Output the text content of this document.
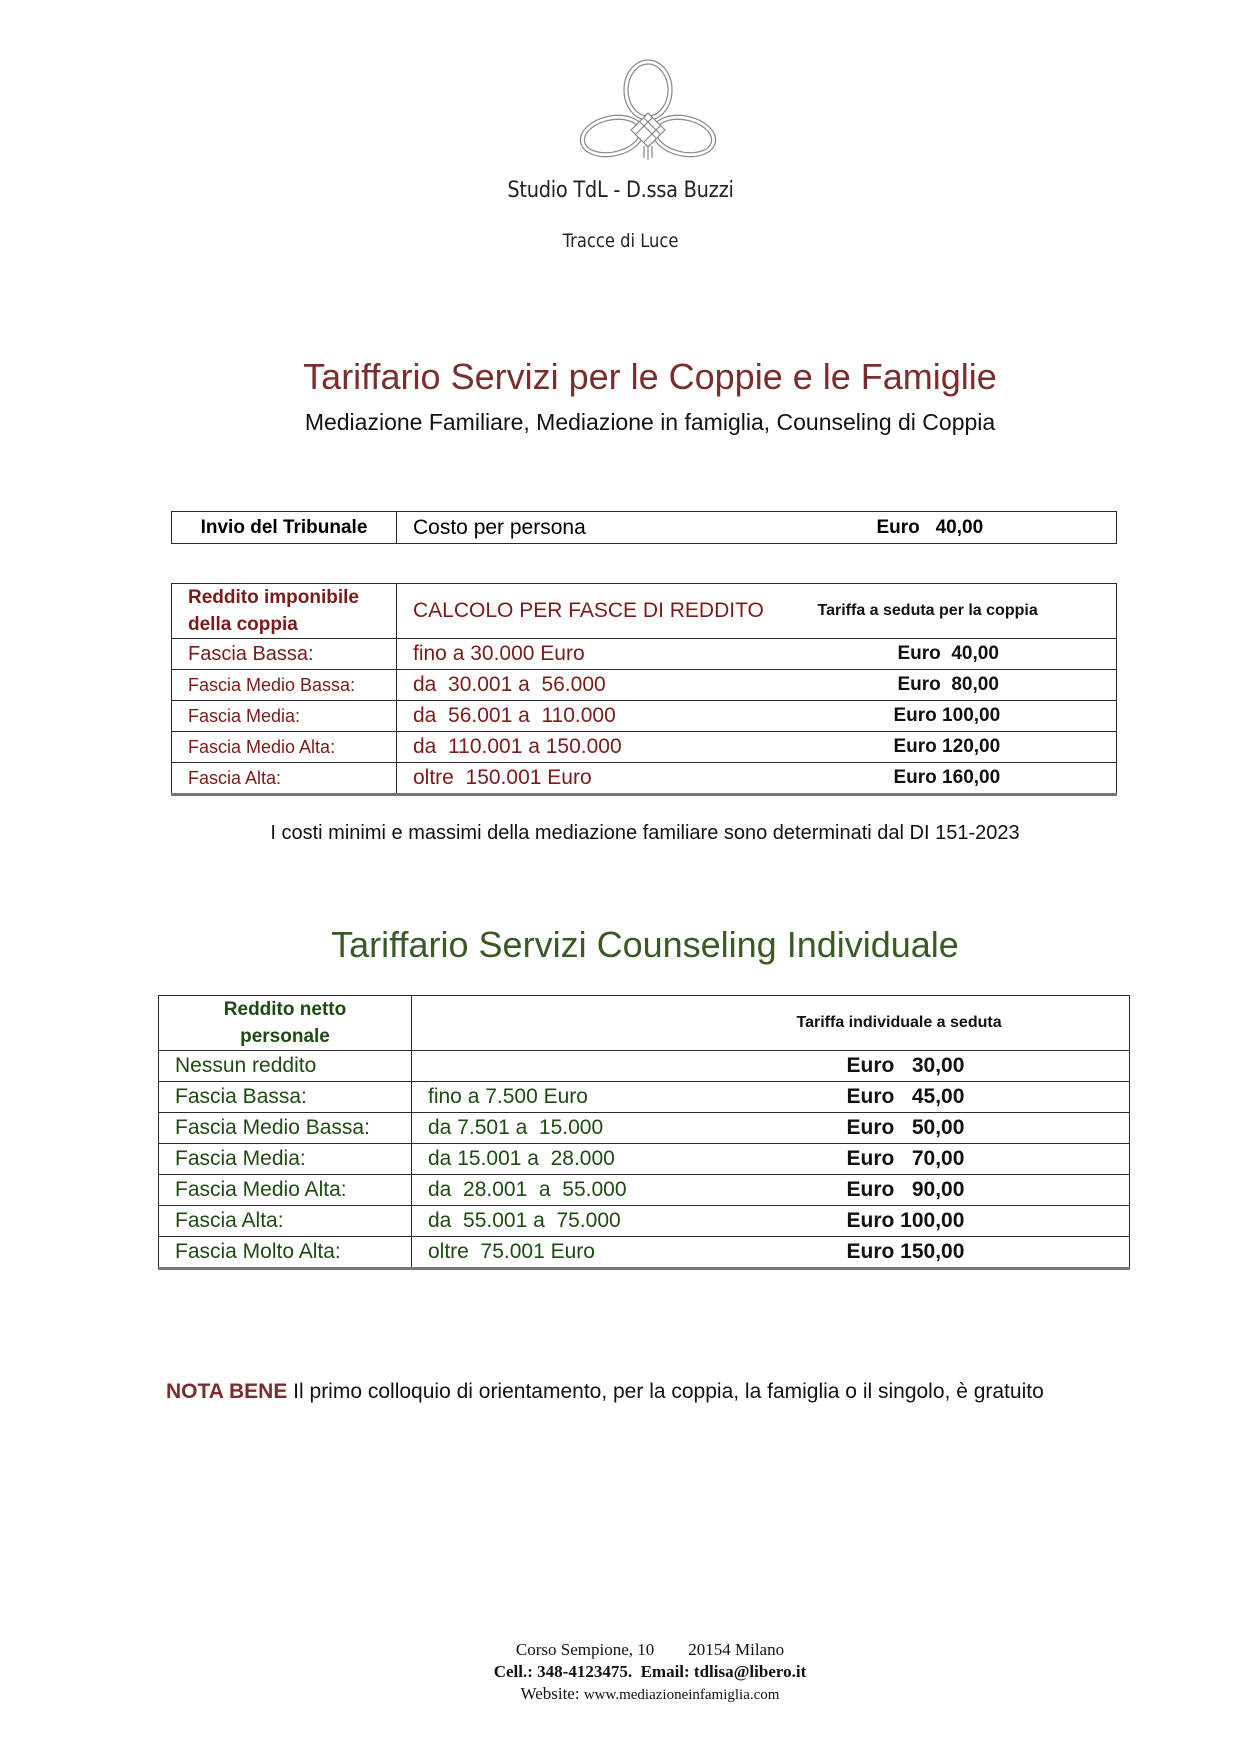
Studio TdL - D.ssa Buzzi
Tracce di Luce
Tariffario Servizi per le Coppie e le Famiglie
Mediazione Familiare, Mediazione in famiglia, Counseling di Coppia
Invio del Tribunale	Costo per persona	Euro   40,00
Reddito imponibile
della coppia	CALCOLO PER FASCE DI REDDITO	Tariffa a seduta per la coppia
Fascia Bassa:	fino a 30.000 Euro	Euro  40,00
Fascia Medio Bassa:	da  30.001 a  56.000	Euro  80,00
Fascia Media:	da  56.001 a  110.000	Euro 100,00
Fascia Medio Alta:	da  110.001 a 150.000	Euro 120,00
Fascia Alta:	oltre  150.001 Euro	Euro 160,00
I costi minimi e massimi della mediazione familiare sono determinati dal DI 151-2023
Tariffario Servizi Counseling Individuale
Reddito netto
personale		Tariffa individuale a seduta
Nessun reddito		Euro   30,00
Fascia Bassa:	fino a 7.500 Euro	Euro   45,00
Fascia Medio Bassa:	da 7.501 a  15.000	Euro   50,00
Fascia Media:	da 15.001 a  28.000	Euro   70,00
Fascia Medio Alta:	da  28.001  a  55.000	Euro   90,00
Fascia Alta:	da  55.001 a  75.000	Euro 100,00
Fascia Molto Alta:	oltre  75.001 Euro	Euro 150,00
NOTA BENE Il primo colloquio di orientamento, per la coppia, la famiglia o il singolo, è gratuito
Corso Sempione, 10 20154 Milano
Cell.: 348-4123475.  Email: tdlisa@libero.it
Website: www.mediazioneinfamiglia.com
